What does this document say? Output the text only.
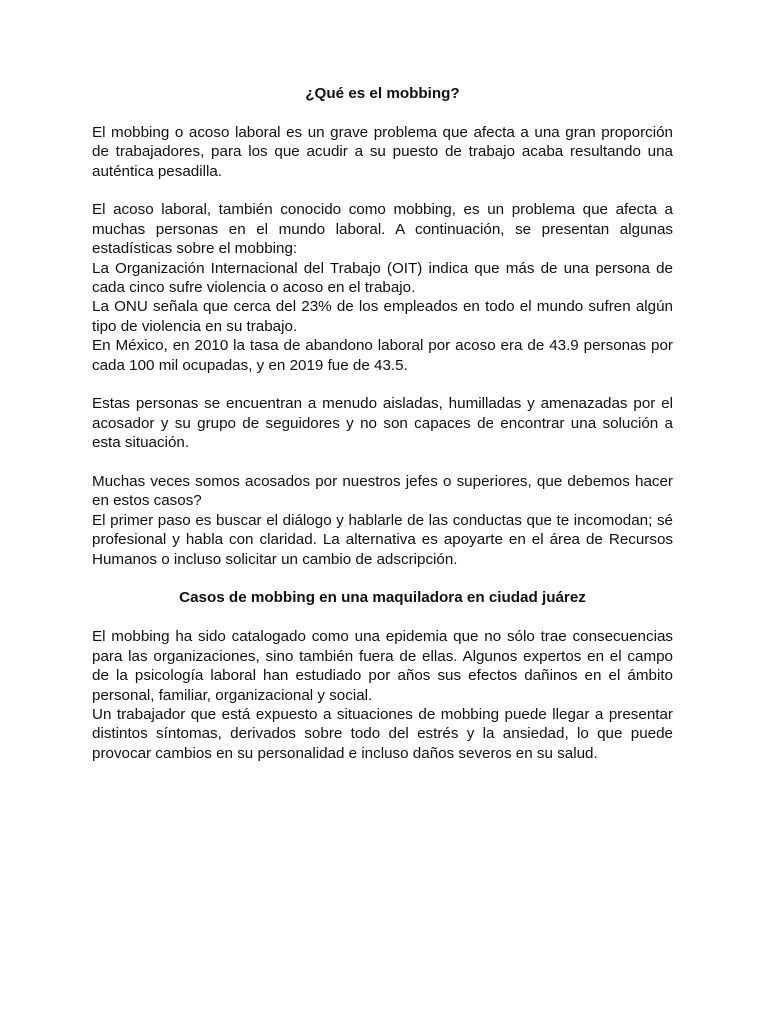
¿Qué es el mobbing?

El mobbing o acoso laboral es un grave problema que afecta a una gran proporción de trabajadores, para los que acudir a su puesto de trabajo acaba resultando una auténtica pesadilla.

El acoso laboral, también conocido como mobbing, es un problema que afecta a muchas personas en el mundo laboral. A continuación, se presentan algunas estadísticas sobre el mobbing:

La Organización Internacional del Trabajo (OIT) indica que más de una persona de cada cinco sufre violencia o acoso en el trabajo.

La ONU señala que cerca del 23% de los empleados en todo el mundo sufren algún tipo de violencia en su trabajo.

En México, en 2010 la tasa de abandono laboral por acoso era de 43.9 personas por cada 100 mil ocupadas, y en 2019 fue de 43.5.

Estas personas se encuentran a menudo aisladas, humilladas y amenazadas por el acosador y su grupo de seguidores y no son capaces de encontrar una solución a esta situación.

Muchas veces somos acosados por nuestros jefes o superiores, que debemos hacer en estos casos?

El primer paso es buscar el diálogo y hablarle de las conductas que te incomodan; sé profesional y habla con claridad. La alternativa es apoyarte en el área de Recursos Humanos o incluso solicitar un cambio de adscripción.

Casos de mobbing en una maquiladora en ciudad juárez

El mobbing ha sido catalogado como una epidemia que no sólo trae consecuencias para las organizaciones, sino también fuera de ellas. Algunos expertos en el campo de la psicología laboral han estudiado por años sus efectos dañinos en el ámbito personal, familiar, organizacional y social.

Un trabajador que está expuesto a situaciones de mobbing puede llegar a presentar distintos síntomas, derivados sobre todo del estrés y la ansiedad, lo que puede provocar cambios en su personalidad e incluso daños severos en su salud.
